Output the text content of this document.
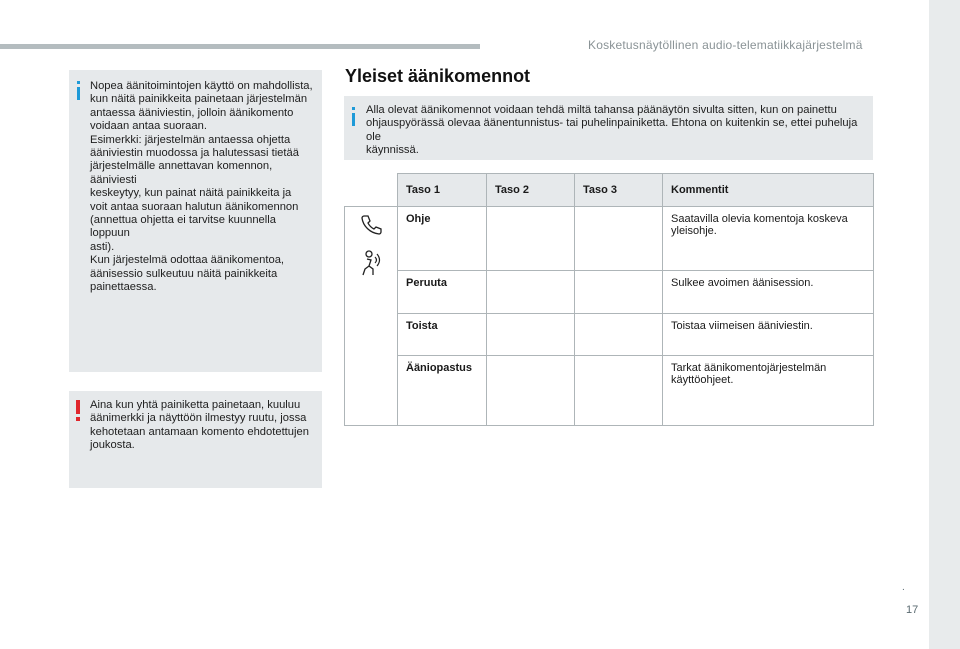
Kosketusnäytöllinen audio-telematiikkajärjestelmä
Nopea äänitoimintojen käyttö on mahdollista,
kun näitä painikkeita painetaan järjestelmän
antaessa ääniviestin, jolloin äänikomento
voidaan antaa suoraan.
Esimerkki: järjestelmän antaessa ohjetta
ääniviestin muodossa ja halutessasi tietää
järjestelmälle annettavan komennon, ääniviesti
keskeytyy, kun painat näitä painikkeita ja
voit antaa suoraan halutun äänikomennon
(annettua ohjetta ei tarvitse kuunnella loppuun
asti).
Kun järjestelmä odottaa äänikomentoa,
äänisessio sulkeutuu näitä painikkeita
painettaessa.
Aina kun yhtä painiketta painetaan, kuuluu
äänimerkki ja näyttöön ilmestyy ruutu, jossa
kehotetaan antamaan komento ehdotettujen
joukosta.
Yleiset äänikomennot
Alla olevat äänikomennot voidaan tehdä miltä tahansa päänäytön sivulta sitten, kun on painettu
ohjauspyörässä olevaa äänentunnistus- tai puhelinpainiketta. Ehtona on kuitenkin se, ettei puheluja ole
käynnissä.
	Taso 1	Taso 2	Taso 3	Kommentit

	Ohje			Saatavilla olevia komentoja koskeva
yleisohje.
	Peruuta			Sulkee avoimen äänisession.
	Toista			Toistaa viimeisen ääniviestin.
	Ääniopastus			Tarkat äänikomentojärjestelmän
käyttöohjeet.
.
17
